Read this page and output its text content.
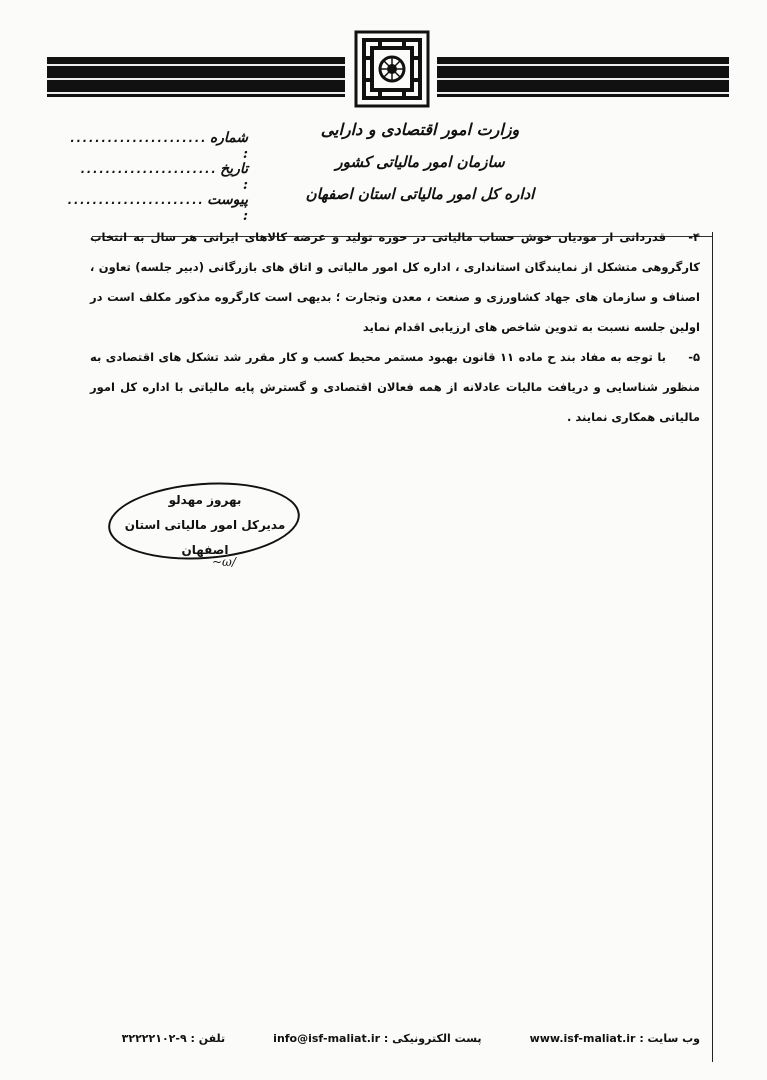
وزارت امور اقتصادی و دارایی
سازمان امور مالیاتی کشور
اداره کل امور مالیاتی استان اصفهان
شماره :
......................
تاریخ :
......................
پیوست :
......................

۴-قدردانی از مودیان خوش حساب مالیاتی در حوزه تولید و عرضه کالاهای ایرانی هر سال به انتخاب کارگروهی متشکل از نمایندگان استانداری ، اداره کل امور مالیاتی و اتاق های بازرگانی (دبیر جلسه) تعاون ، اصناف و سازمان های جهاد کشاورزی و صنعت ، معدن وتجارت ؛ بدیهی است کارگروه مذکور مکلف است در اولین جلسه نسبت به تدوین شاخص های ارزیابی اقدام نماید

۵-با توجه به مفاد بند ح ماده ۱۱ قانون بهبود مستمر محیط کسب و کار مقرر شد تشکل های اقتصادی به منظور شناسایی و دریافت مالیات عادلانه از همه فعالان اقتصادی و گسترش پایه مالیاتی با اداره کل امور مالیاتی همکاری نمایند .

بهروز مهدلو
مدیرکل امور مالیاتی استان اصفهان
~ω/
وب سایت : www.isf-maliat.ir
پست الکترونیکی : info@isf-maliat.ir
تلفن : ۹-۳۲۲۲۲۱۰۲
